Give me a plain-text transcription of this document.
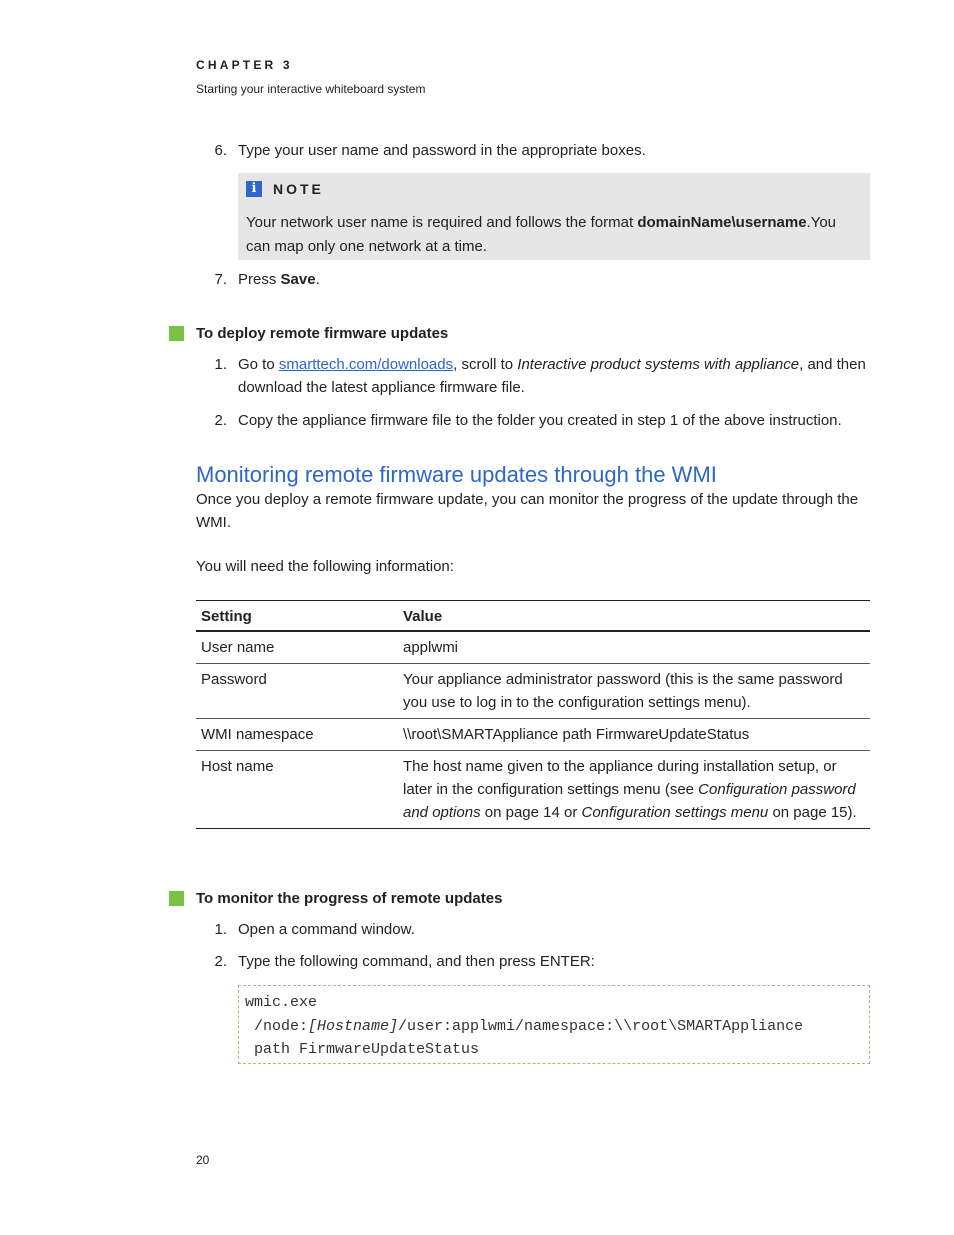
CHAPTER 3
Starting your interactive whiteboard system
6. Type your user name and password in the appropriate boxes.
i	NOTE
Your network user name is required and follows the format domainName\username.You can map only one network at a time.
7. Press Save.
To deploy remote firmware updates
1. Go to smarttech.com/downloads, scroll to Interactive product systems with appliance, and then download the latest appliance firmware file.
2. Copy the appliance firmware file to the folder you created in step 1 of the above instruction.
Monitoring remote firmware updates through the WMI
Once you deploy a remote firmware update, you can monitor the progress of the update through the WMI.
You will need the following information:
Setting	Value
User name	applwmi
Password	Your appliance administrator password (this is the same password you use to log in to the configuration settings menu).
WMI namespace	\\root\SMARTAppliance path FirmwareUpdateStatus
Host name	The host name given to the appliance during installation setup, or later in the configuration settings menu (see Configuration password and options on page 14 or Configuration settings menu on page 15).
To monitor the progress of remote updates
1. Open a command window.
2. Type the following command, and then press ENTER:
wmic.exe
/node:[Hostname]/user:applwmi/namespace:\\root\SMARTAppliance
path FirmwareUpdateStatus
20
